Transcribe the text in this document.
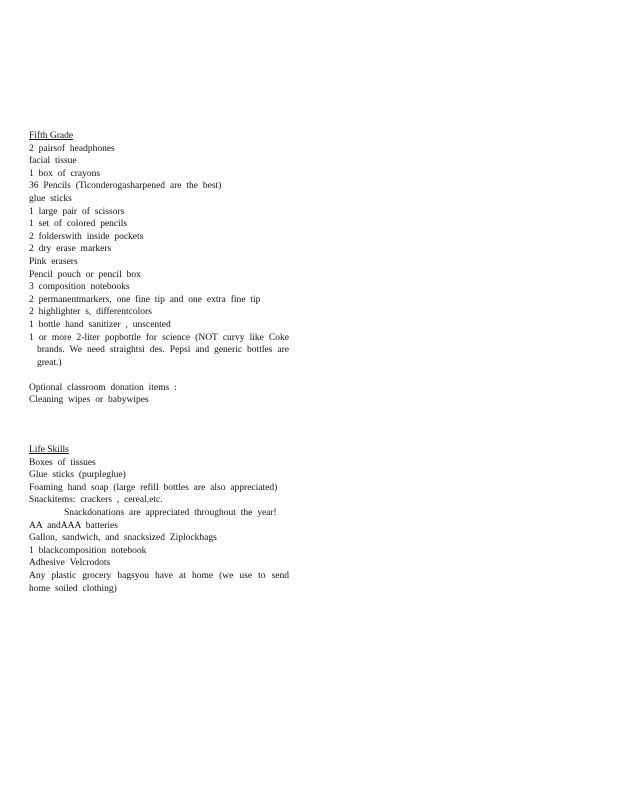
Fifth Grade
2 pairsof headphones
facial tissue
1 box of crayons
36 Pencils (Ticonderogasharpened are the best)
glue sticks
1 large pair of scissors
1 set of colored pencils
2 folderswith inside pockets
2 dry erase markers
Pink erasers
Pencil pouch or pencil box
3 composition notebooks
2 permanentmarkers, one fine tip and one extra fine tip
2 highlighter s, differentcolors
1 bottle hand sanitizer , unscented
1 or more 2-liter popbottle for science (NOT curvy like Coke brands. We need straightsi des. Pepsi and generic bottles are great.)
Optional classroom donation items :
Cleaning wipes or babywipes
Life Skills
Boxes of tissues
Glue sticks (purpleglue)
Foaming hand soap (large refill bottles are also appreciated)
Snackitems: crackers , cereal,etc.
Snackdonations are appreciated throughout the year!
AA andAAA batteries
Gallon, sandwich, and snacksized Ziplockbags
1 blackcomposition notebook
Adhesive Velcrodots
Any plastic grocery bagsyou have at home (we use to send home soiled clothing)
